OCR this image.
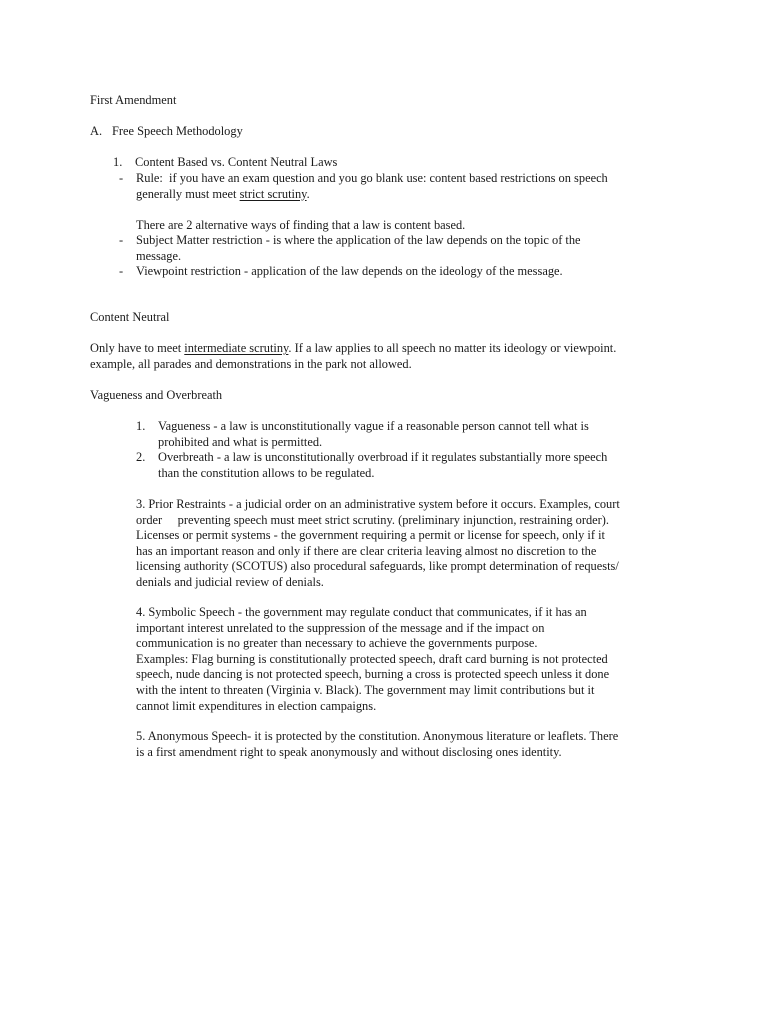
First Amendment
A. Free Speech Methodology
1. Content Based vs. Content Neutral Laws
- Rule:  if you have an exam question and you go blank use: content based restrictions on speech
generally must meet strict scrutiny.
There are 2 alternative ways of finding that a law is content based.
- Subject Matter restriction - is where the application of the law depends on the topic of the
message.
- Viewpoint restriction - application of the law depends on the ideology of the message.
Content Neutral
Only have to meet intermediate scrutiny. If a law applies to all speech no matter its ideology or viewpoint.
example, all parades and demonstrations in the park not allowed.
Vagueness and Overbreath
1. Vagueness - a law is unconstitutionally vague if a reasonable person cannot tell what is
prohibited and what is permitted.
2. Overbreath - a law is unconstitutionally overbroad if it regulates substantially more speech
than the constitution allows to be regulated.
3. Prior Restraints - a judicial order on an administrative system before it occurs. Examples, court
order     preventing speech must meet strict scrutiny. (preliminary injunction, restraining order).
Licenses or permit systems - the government requiring a permit or license for speech, only if it
has an important reason and only if there are clear criteria leaving almost no discretion to the
licensing authority (SCOTUS) also procedural safeguards, like prompt determination of requests/
denials and judicial review of denials.
4. Symbolic Speech - the government may regulate conduct that communicates, if it has an
important interest unrelated to the suppression of the message and if the impact on
communication is no greater than necessary to achieve the governments purpose.
Examples: Flag burning is constitutionally protected speech, draft card burning is not protected
speech, nude dancing is not protected speech, burning a cross is protected speech unless it done
with the intent to threaten (Virginia v. Black). The government may limit contributions but it
cannot limit expenditures in election campaigns.
5. Anonymous Speech- it is protected by the constitution. Anonymous literature or leaflets. There
is a first amendment right to speak anonymously and without disclosing ones identity.
